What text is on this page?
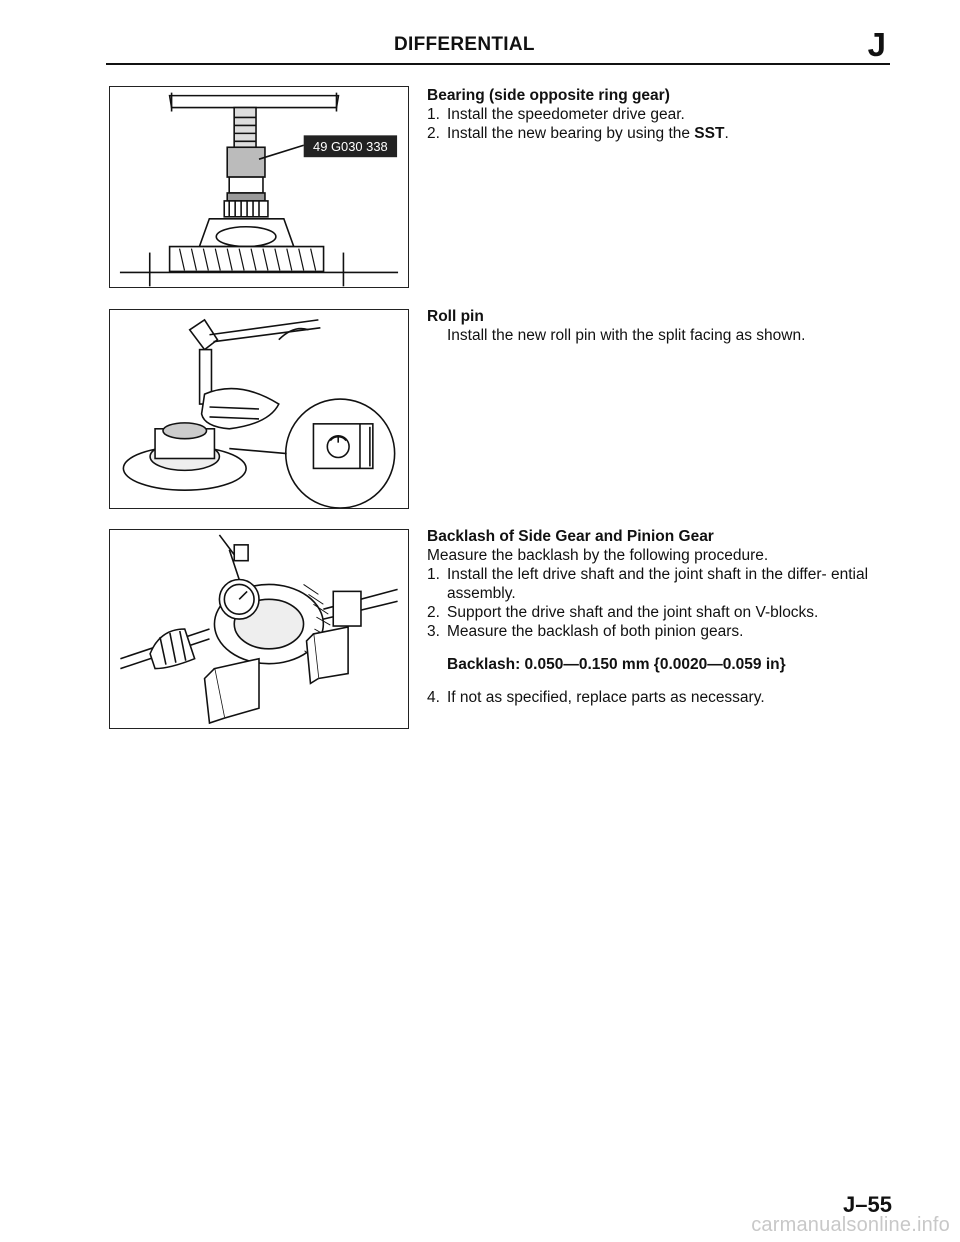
DIFFERENTIAL	J
49 G030 338
Bearing (side opposite ring gear)
1. Install the speedometer drive gear.
2. Install the new bearing by using the SST.
Roll pin
Install the new roll pin with the split facing as shown.
Backlash of Side Gear and Pinion Gear
Measure the backlash by the following procedure.
1. Install the left drive shaft and the joint shaft in the differ- ential assembly.
2. Support the drive shaft and the joint shaft on V-blocks.
3. Measure the backlash of both pinion gears.
Backlash: 0.050—0.150 mm {0.0020—0.059 in}
4. If not as specified, replace parts as necessary.
J–55
carmanualsonline.info
